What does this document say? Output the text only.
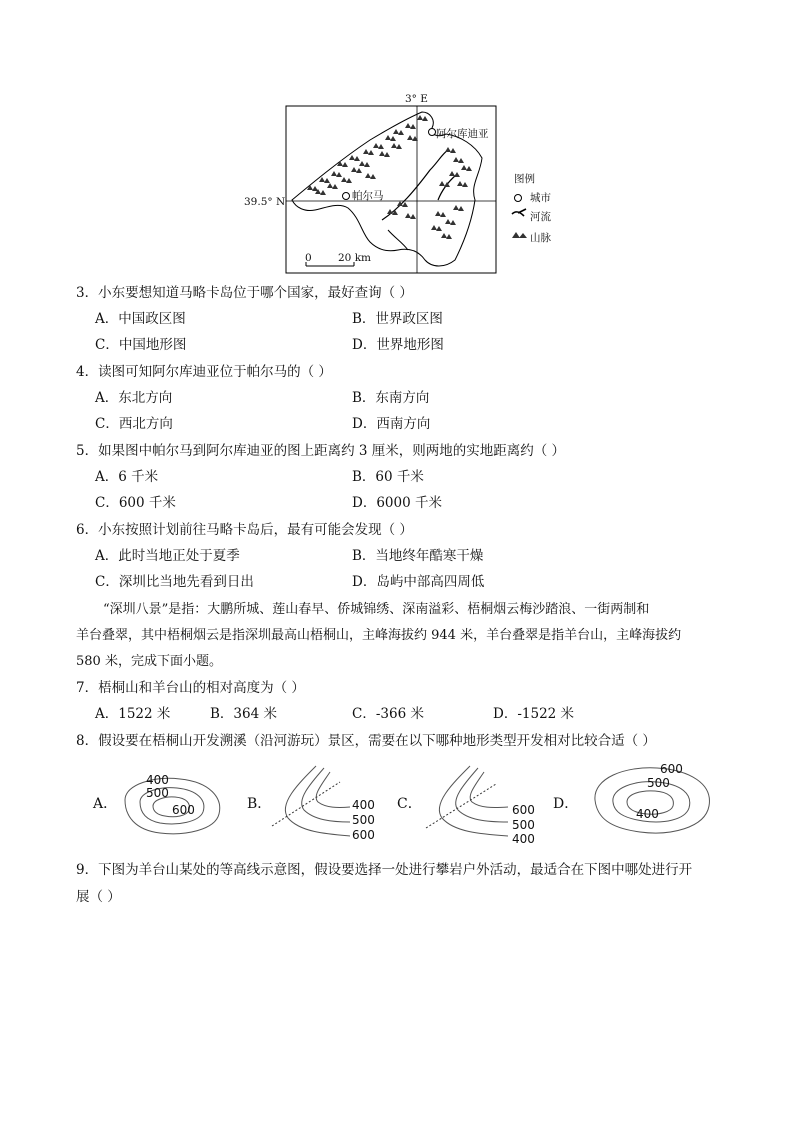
3° E
39.5° N
阿尔库迪亚
帕尔马
0	20 km
图例
城市
河流
山脉
3．小东要想知道马略卡岛位于哪个国家，最好查询（ ）
A．中国政区图	B．世界政区图
C．中国地形图	D．世界地形图
4．读图可知阿尔库迪亚位于帕尔马的（ ）
A．东北方向	B．东南方向
C．西北方向	D．西南方向
5．如果图中帕尔马到阿尔库迪亚的图上距离约 3 厘米，则两地的实地距离约（ ）
A．6 千米	B．60 千米
C．600 千米	D．6000 千米
6．小东按照计划前往马略卡岛后，最有可能会发现（ ）
A．此时当地正处于夏季	B．当地终年酷寒干燥
C．深圳比当地先看到日出	D．岛屿中部高四周低
“深圳八景”是指：大鹏所城、莲山春早、侨城锦绣、深南溢彩、梧桐烟云梅沙踏浪、一街两制和
羊台叠翠，其中梧桐烟云是指深圳最高山梧桐山，主峰海拔约 944 米，羊台叠翠是指羊台山，主峰海拔约
580 米，完成下面小题。
7．梧桐山和羊台山的相对高度为（ ）
A．1522 米	B．364 米	C．-366 米	D．-1522 米
8．假设要在梧桐山开发溯溪（沿河游玩）景区，需要在以下哪种地形类型开发相对比较合适（ ）
A．	B．	C．	D．
400
500
600	400
500
600
600
500
400
600
500
400
9．下图为羊台山某处的等高线示意图，假设要选择一处进行攀岩户外活动，最适合在下图中哪处进行开
展（ ）
